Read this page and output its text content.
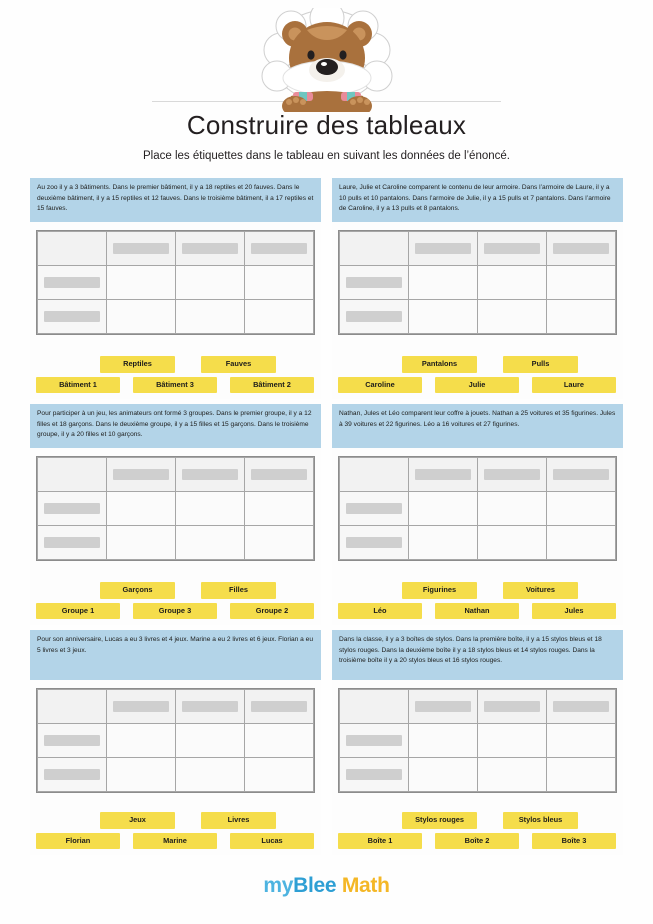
Construire des tableaux

Place les étiquettes dans le tableau en suivant les données de l’énoncé.

Au zoo il y a 3 bâtiments. Dans le premier bâtiment, il y a 18 reptiles et 20 fauves. Dans le deuxième bâtiment, il y a 15 reptiles et 12 fauves. Dans le troisième bâtiment, il a 17 reptiles et 15 fauves.

Reptiles	Fauves
Bâtiment 1	Bâtiment 3	Bâtiment 2
Laure, Julie et Caroline comparent le contenu de leur armoire. Dans l’armoire de Laure, il y a 10 pulls et 10 pantalons. Dans l’armoire de Julie, il y a 15 pulls et 7 pantalons. Dans l’armoire de Caroline, il y a 13 pulls et 8 pantalons.

Pantalons	Pulls
Caroline	Julie	Laure
Pour participer à un jeu, les animateurs ont formé 3 groupes. Dans le premier groupe, il y a 12 filles et 18 garçons. Dans le deuxième groupe, il y a 15 filles et 15 garçons. Dans le troisième groupe, il y a 20 filles et 10 garçons.

Garçons	Filles
Groupe 1	Groupe 3	Groupe 2
Nathan, Jules et Léo comparent leur coffre à jouets. Nathan a 25 voitures et 35 figurines. Jules à 39 voitures et 22 figurines. Léo a 16 voitures et 27 figurines.

Figurines	Voitures
Léo	Nathan	Jules
Pour son anniversaire, Lucas a eu 3 livres et 4 jeux. Marine a eu 2 livres et 6 jeux. Florian a eu 5 livres et 3 jeux.

Jeux	Livres
Florian	Marine	Lucas
Dans la classe, il y a 3 boîtes de stylos. Dans la première boîte, il y a 15 stylos bleus et 18 stylos rouges. Dans la deuxième boîte il y a 18 stylos bleus et 14 stylos rouges. Dans la troisième boîte il y a 20 stylos bleus et 16 stylos rouges.

Stylos rouges	Stylos bleus
Boîte 1	Boîte 2	Boîte 3
myBlee Math
